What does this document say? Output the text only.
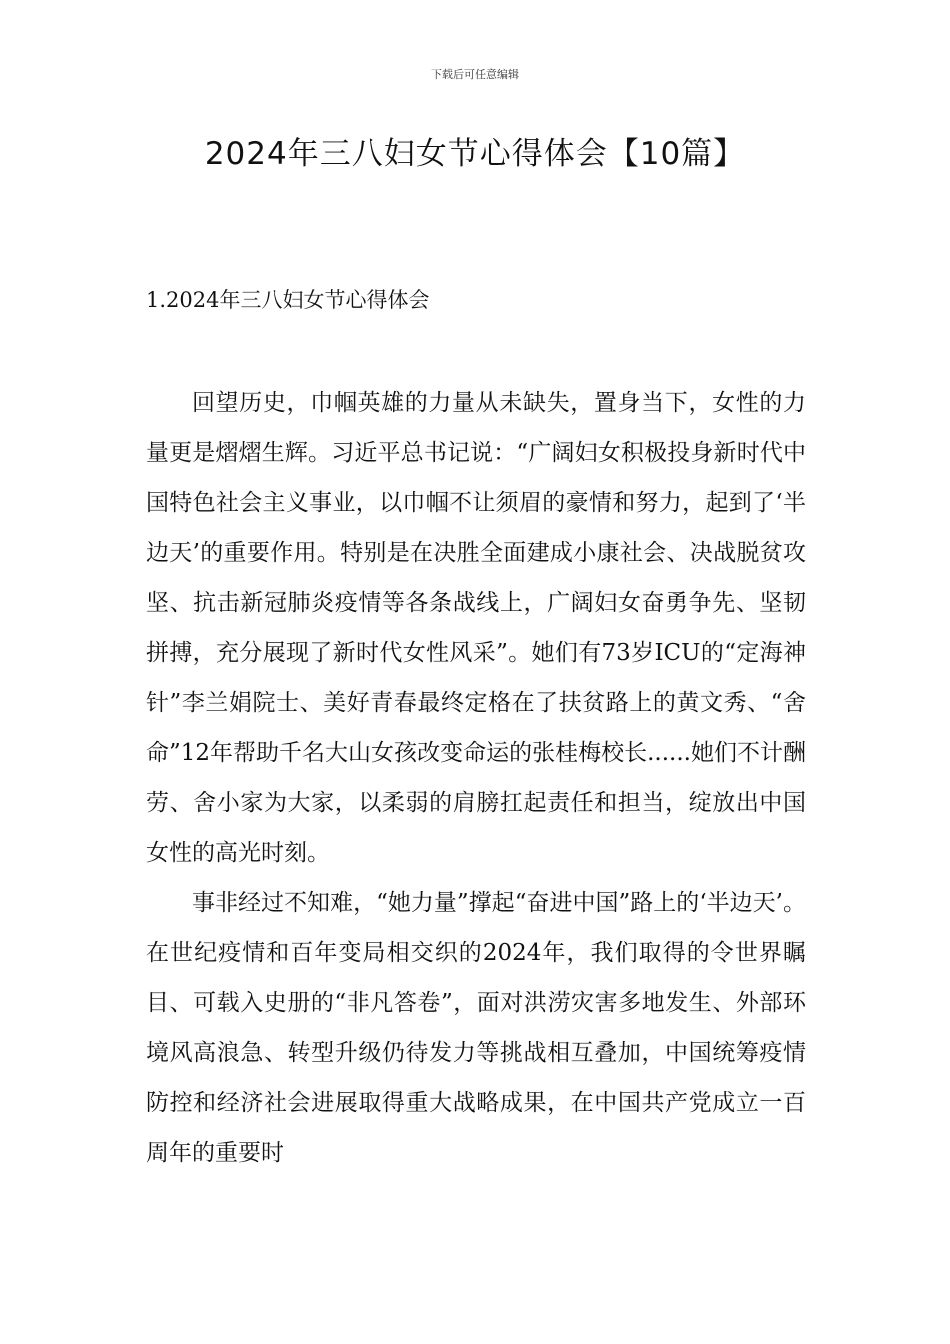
下载后可任意编辑
2024年三八妇女节心得体会【10篇】
1.2024年三八妇女节心得体会

回望历史，巾帼英雄的力量从未缺失，置身当下，女性的力量更是熠熠生辉。习近平总书记说：“广阔妇女积极投身新时代中国特色社会主义事业，以巾帼不让须眉的豪情和努力，起到了‘半边天’的重要作用。特别是在决胜全面建成小康社会、决战脱贫攻坚、抗击新冠肺炎疫情等各条战线上，广阔妇女奋勇争先、坚韧拼搏，充分展现了新时代女性风采”。她们有73岁ICU的“定海神针”李兰娟院士、美好青春最终定格在了扶贫路上的黄文秀、“舍命”12年帮助千名大山女孩改变命运的张桂梅校长......她们不计酬劳、舍小家为大家，以柔弱的肩膀扛起责任和担当，绽放出中国女性的高光时刻。

事非经过不知难，“她力量”撑起“奋进中国”路上的‘半边天’。在世纪疫情和百年变局相交织的2024年，我们取得的令世界瞩目、可载入史册的“非凡答卷”，面对洪涝灾害多地发生、外部环境风高浪急、转型升级仍待发力等挑战相互叠加，中国统筹疫情防控和经济社会进展取得重大战略成果，在中国共产党成立一百周年的重要时
